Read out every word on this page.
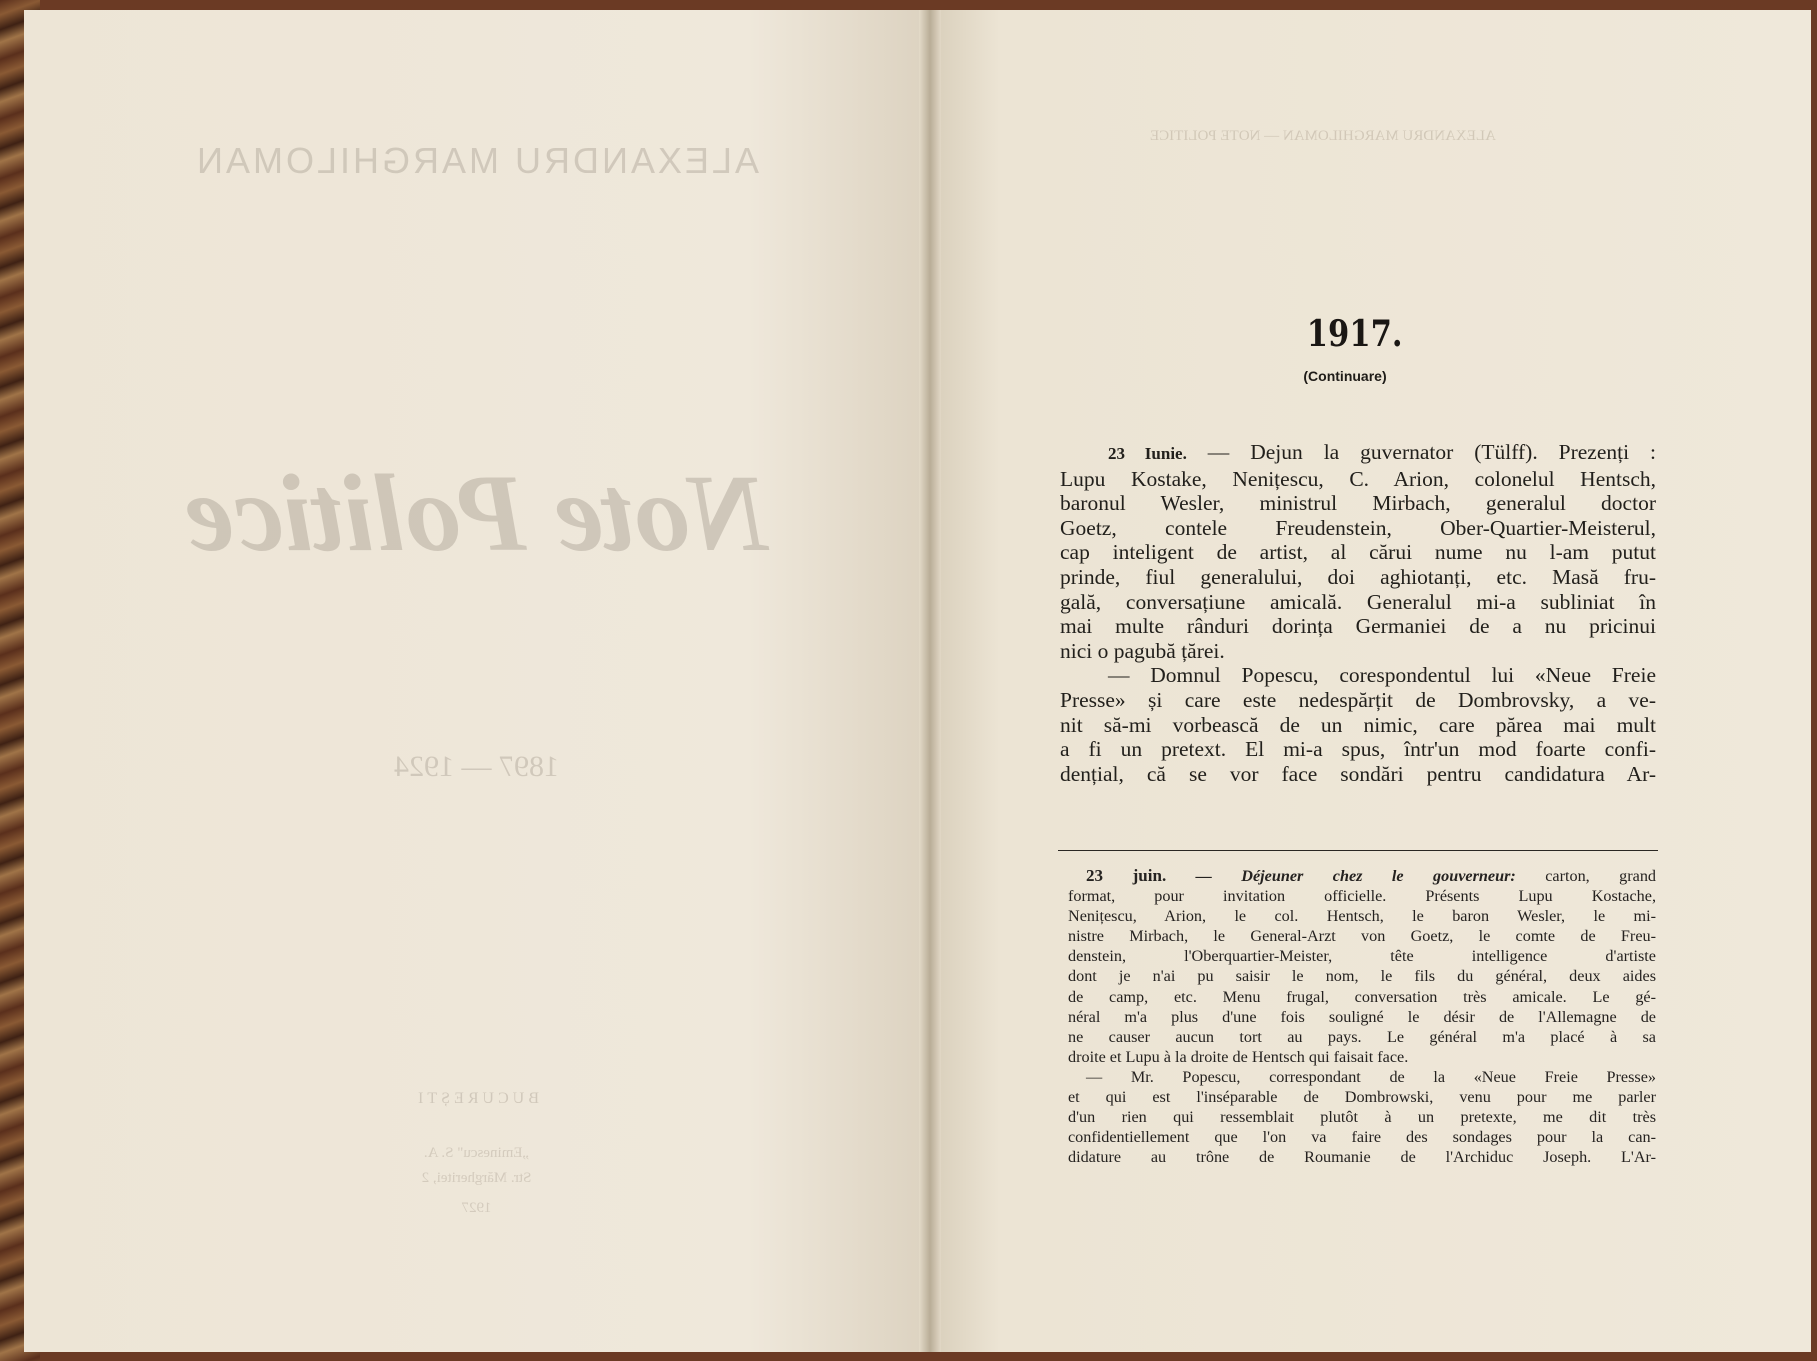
ALEXANDRU MARGHILOMAN
Note Politice
1897 — 1924
BUCUREȘTI
„Eminescu" S. A.
Str. Mărgheritei, 2
1927
ALEXANDRU MARGHILOMAN — NOTE POLITICE
1917.
(Continuare)

23 Iunie. — Dejun la guvernator (Tülff). Prezenți :

Lupu Kostake, Nenițescu, C. Arion, colonelul Hentsch,

baronul Wesler, ministrul Mirbach, generalul doctor

Goetz, contele Freudenstein, Ober-Quartier-Meisterul,

cap inteligent de artist, al cărui nume nu l-am putut

prinde, fiul generalului, doi aghiotanți, etc. Masă fru-

gală, conversațiune amicală. Generalul mi-a subliniat în

mai multe rânduri dorința Germaniei de a nu pricinui

nici o pagubă țărei.

— Domnul Popescu, corespondentul lui «Neue Freie

Presse» și care este nedespărțit de Dombrovsky, a ve-

nit să-mi vorbească de un nimic, care părea mai mult

a fi un pretext. El mi-a spus, într'un mod foarte confi-

dențial, că se vor face sondări pentru candidatura Ar-

23 juin. — Déjeuner chez le gouverneur: carton, grand

format, pour invitation officielle. Présents Lupu Kostache,

Nenițescu, Arion, le col. Hentsch, le baron Wesler, le mi-

nistre Mirbach, le General-Arzt von Goetz, le comte de Freu-

denstein, l'Oberquartier-Meister, tête intelligence d'artiste

dont je n'ai pu saisir le nom, le fils du général, deux aides

de camp, etc. Menu frugal, conversation très amicale. Le gé-

néral m'a plus d'une fois souligné le désir de l'Allemagne de

ne causer aucun tort au pays. Le général m'a placé à sa

droite et Lupu à la droite de Hentsch qui faisait face.

— Mr. Popescu, correspondant de la «Neue Freie Presse»

et qui est l'inséparable de Dombrowski, venu pour me parler

d'un rien qui ressemblait plutôt à un pretexte, me dit très

confidentiellement que l'on va faire des sondages pour la can-

didature au trône de Roumanie de l'Archiduc Joseph. L'Ar-
